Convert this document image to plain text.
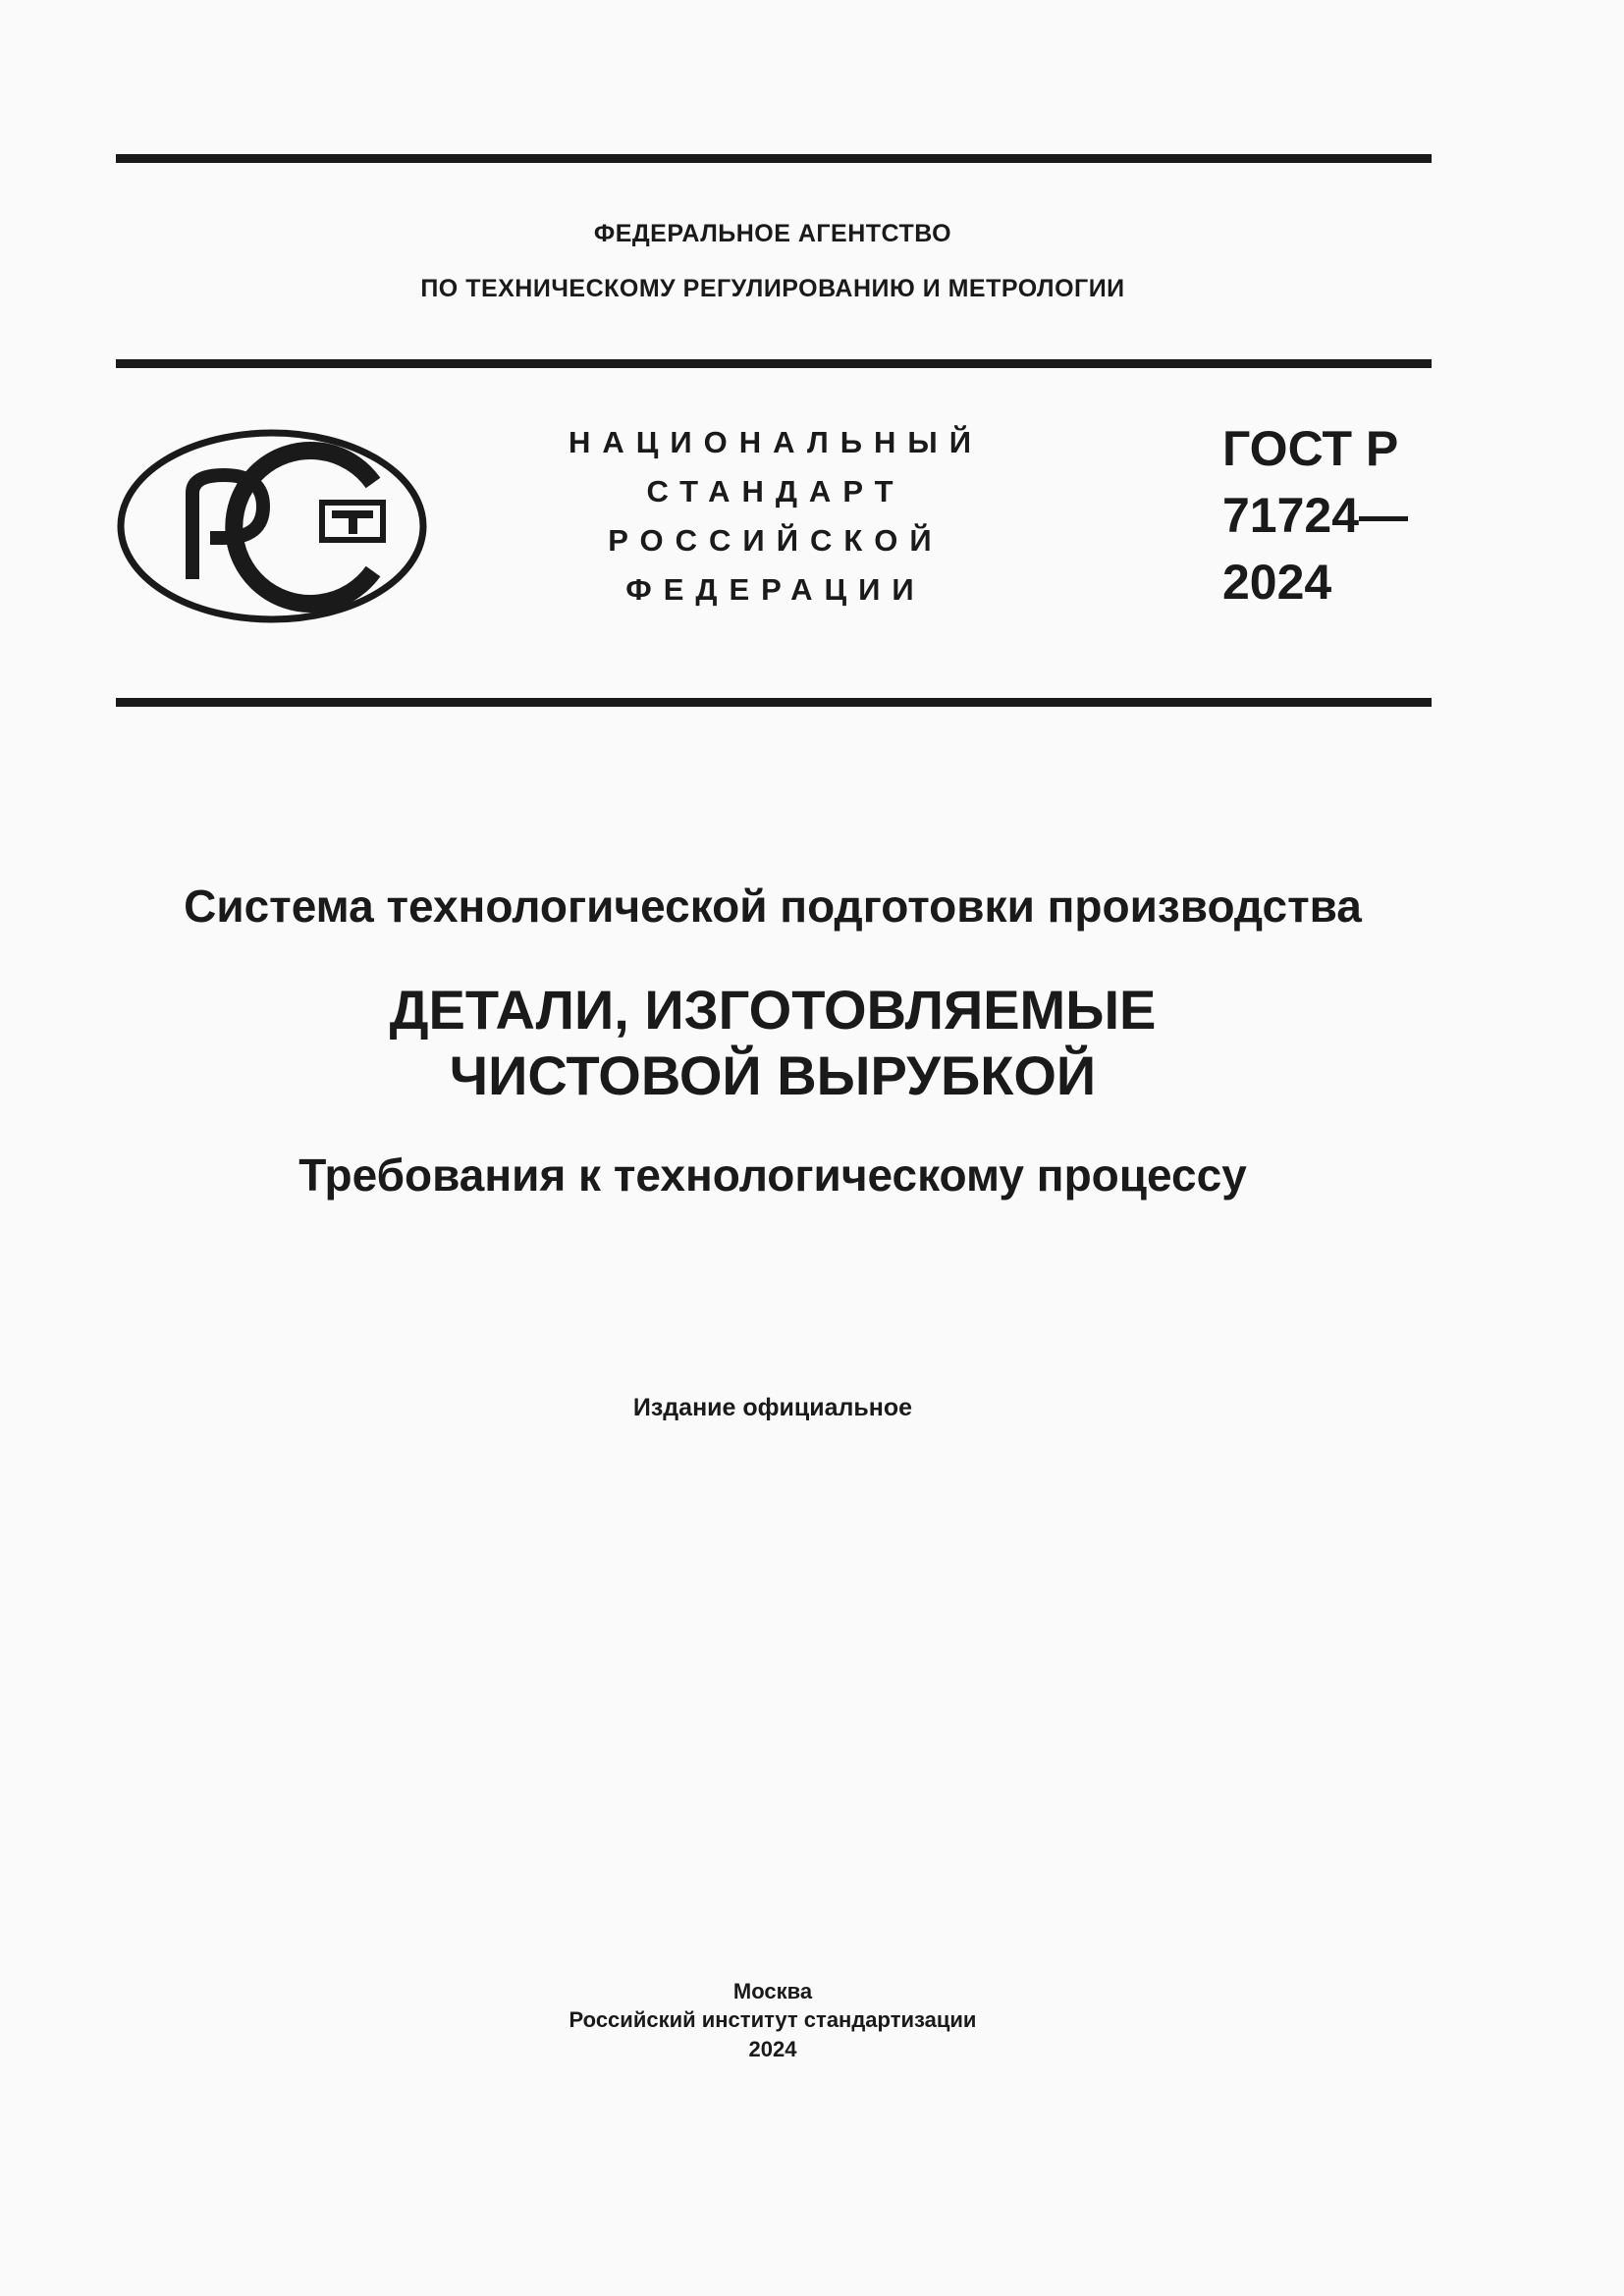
ФЕДЕРАЛЬНОЕ АГЕНТСТВО
ПО ТЕХНИЧЕСКОМУ РЕГУЛИРОВАНИЮ И МЕТРОЛОГИИ
НАЦИОНАЛЬНЫЙ
СТАНДАРТ
РОССИЙСКОЙ
ФЕДЕРАЦИИ
ГОСТ Р
71724—
2024
Система технологической подготовки производства
ДЕТАЛИ, ИЗГОТОВЛЯЕМЫЕ
ЧИСТОВОЙ ВЫРУБКОЙ
Требования к технологическому процессу
Издание официальное
Москва
Российский институт стандартизации
2024
